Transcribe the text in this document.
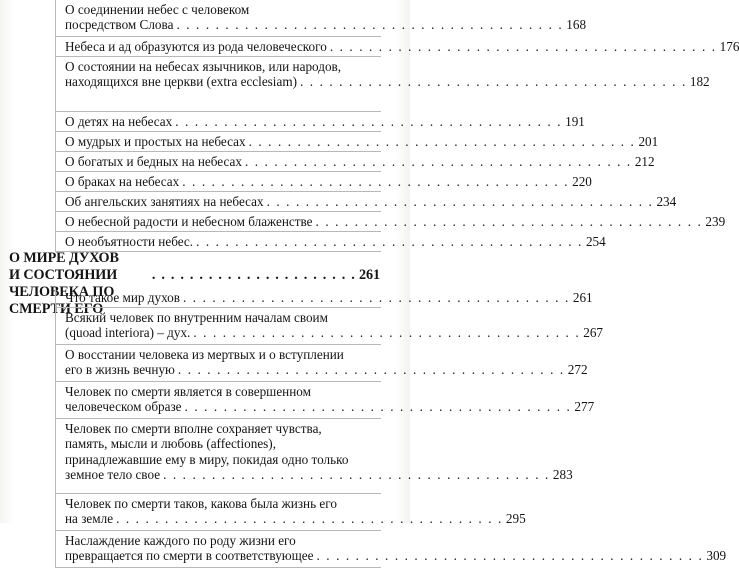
О соединении небес с человеком
посредством Слова . . . . . . . . . . . . . . . . . . . . . . . . . . . . . . . . . . . . . . . . 168
Небеса и ад образуются из рода человеческого . . . . . . . . . . . . . . . . . . . . . . . . . . . . . . . . . . . . . . . . 176
О состоянии на небесах язычников, или народов,
находящихся вне церкви (extra ecclesiam) . . . . . . . . . . . . . . . . . . . . . . . . . . . . . . . . . . . . . . . . 182
О детях на небесах . . . . . . . . . . . . . . . . . . . . . . . . . . . . . . . . . . . . . . . . 191
О мудрых и простых на небесах . . . . . . . . . . . . . . . . . . . . . . . . . . . . . . . . . . . . . . . . 201
О богатых и бедных на небесах . . . . . . . . . . . . . . . . . . . . . . . . . . . . . . . . . . . . . . . . 212
О браках на небесах . . . . . . . . . . . . . . . . . . . . . . . . . . . . . . . . . . . . . . . . 220
Об ангельских занятиях на небесах . . . . . . . . . . . . . . . . . . . . . . . . . . . . . . . . . . . . . . . . 234
О небесной радости и небесном блаженстве . . . . . . . . . . . . . . . . . . . . . . . . . . . . . . . . . . . . . . . . 239
О необъятности небес. . . . . . . . . . . . . . . . . . . . . . . . . . . . . . . . . . . . . . . . . 254
О МИРЕ ДУХОВ
И СОСТОЯНИИ ЧЕЛОВЕКА ПО СМЕРТИ ЕГО
. . . . . . . . . . . . . . . . . . . . . . 261
Что такое мир духов . . . . . . . . . . . . . . . . . . . . . . . . . . . . . . . . . . . . . . . . 261
Всякий человек по внутренним началам своим
(quoad interiora) – дух. . . . . . . . . . . . . . . . . . . . . . . . . . . . . . . . . . . . . . . . . 267
О восстании человека из мертвых и о вступлении
его в жизнь вечную . . . . . . . . . . . . . . . . . . . . . . . . . . . . . . . . . . . . . . . . 272
Человек по смерти является в совершенном
человеческом образе . . . . . . . . . . . . . . . . . . . . . . . . . . . . . . . . . . . . . . . . 277
Человек по смерти вполне сохраняет чувства,
память, мысли и любовь (affectiones),
принадлежавшие ему в миру, покидая одно только
земное тело свое . . . . . . . . . . . . . . . . . . . . . . . . . . . . . . . . . . . . . . . . 283
Человек по смерти таков, какова была жизнь его
на земле . . . . . . . . . . . . . . . . . . . . . . . . . . . . . . . . . . . . . . . . 295
Наслаждение каждого по роду жизни его
превращается по смерти в соответствующее . . . . . . . . . . . . . . . . . . . . . . . . . . . . . . . . . . . . . . . . 309
